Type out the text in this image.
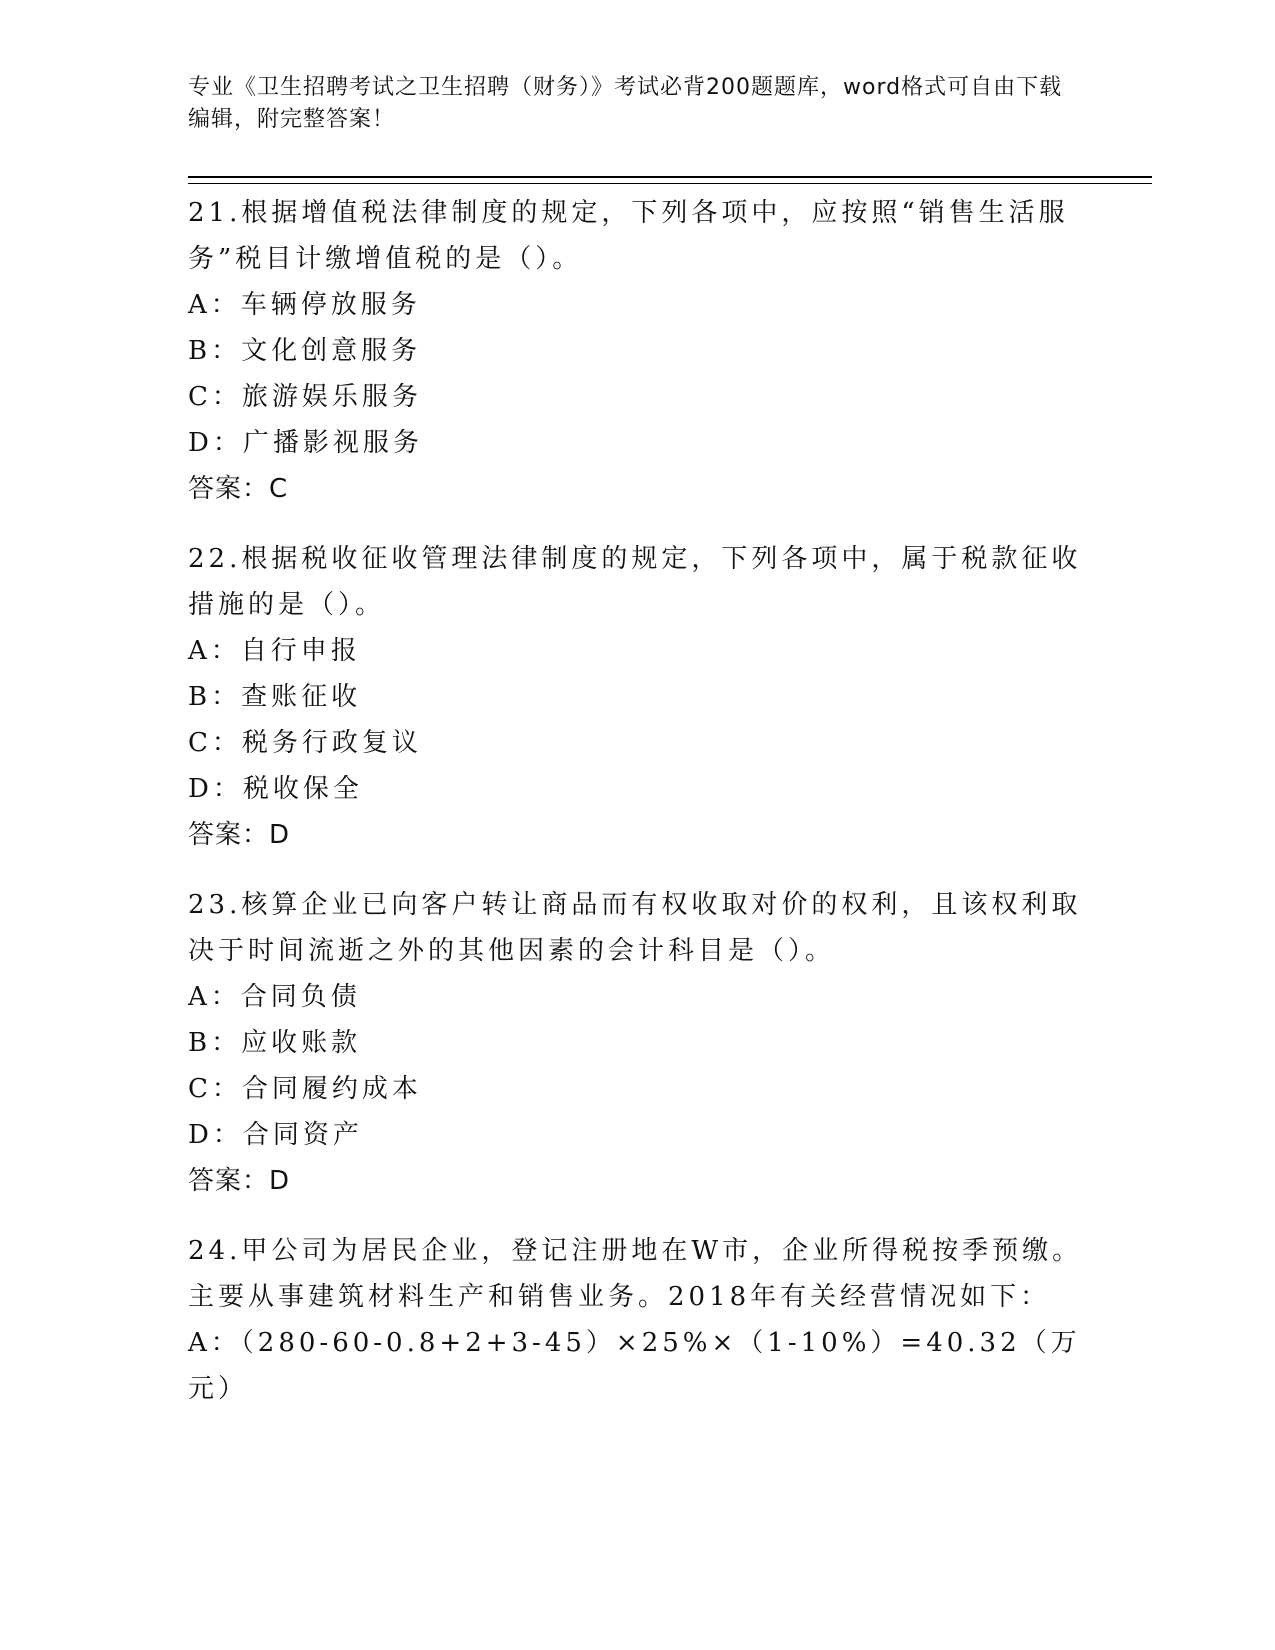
专业《卫生招聘考试之卫生招聘（财务）》考试必背200题题库，word格式可自由下载编辑，附完整答案！
21.根据增值税法律制度的规定，下列各项中，应按照“销售生活服务”税目计缴增值税的是（）。
A：车辆停放服务
B：文化创意服务
C：旅游娱乐服务
D：广播影视服务
答案：C
22.根据税收征收管理法律制度的规定，下列各项中，属于税款征收措施的是（）。
A：自行申报
B：查账征收
C：税务行政复议
D：税收保全
答案：D
23.核算企业已向客户转让商品而有权收取对价的权利，且该权利取决于时间流逝之外的其他因素的会计科目是（）。
A：合同负债
B：应收账款
C：合同履约成本
D：合同资产
答案：D
24.甲公司为居民企业，登记注册地在W市，企业所得税按季预缴。主要从事建筑材料生产和销售业务。2018年有关经营情况如下：
A：（280-60-0.8+2+3-45）×25%×（1-10%）=40.32（万元）
